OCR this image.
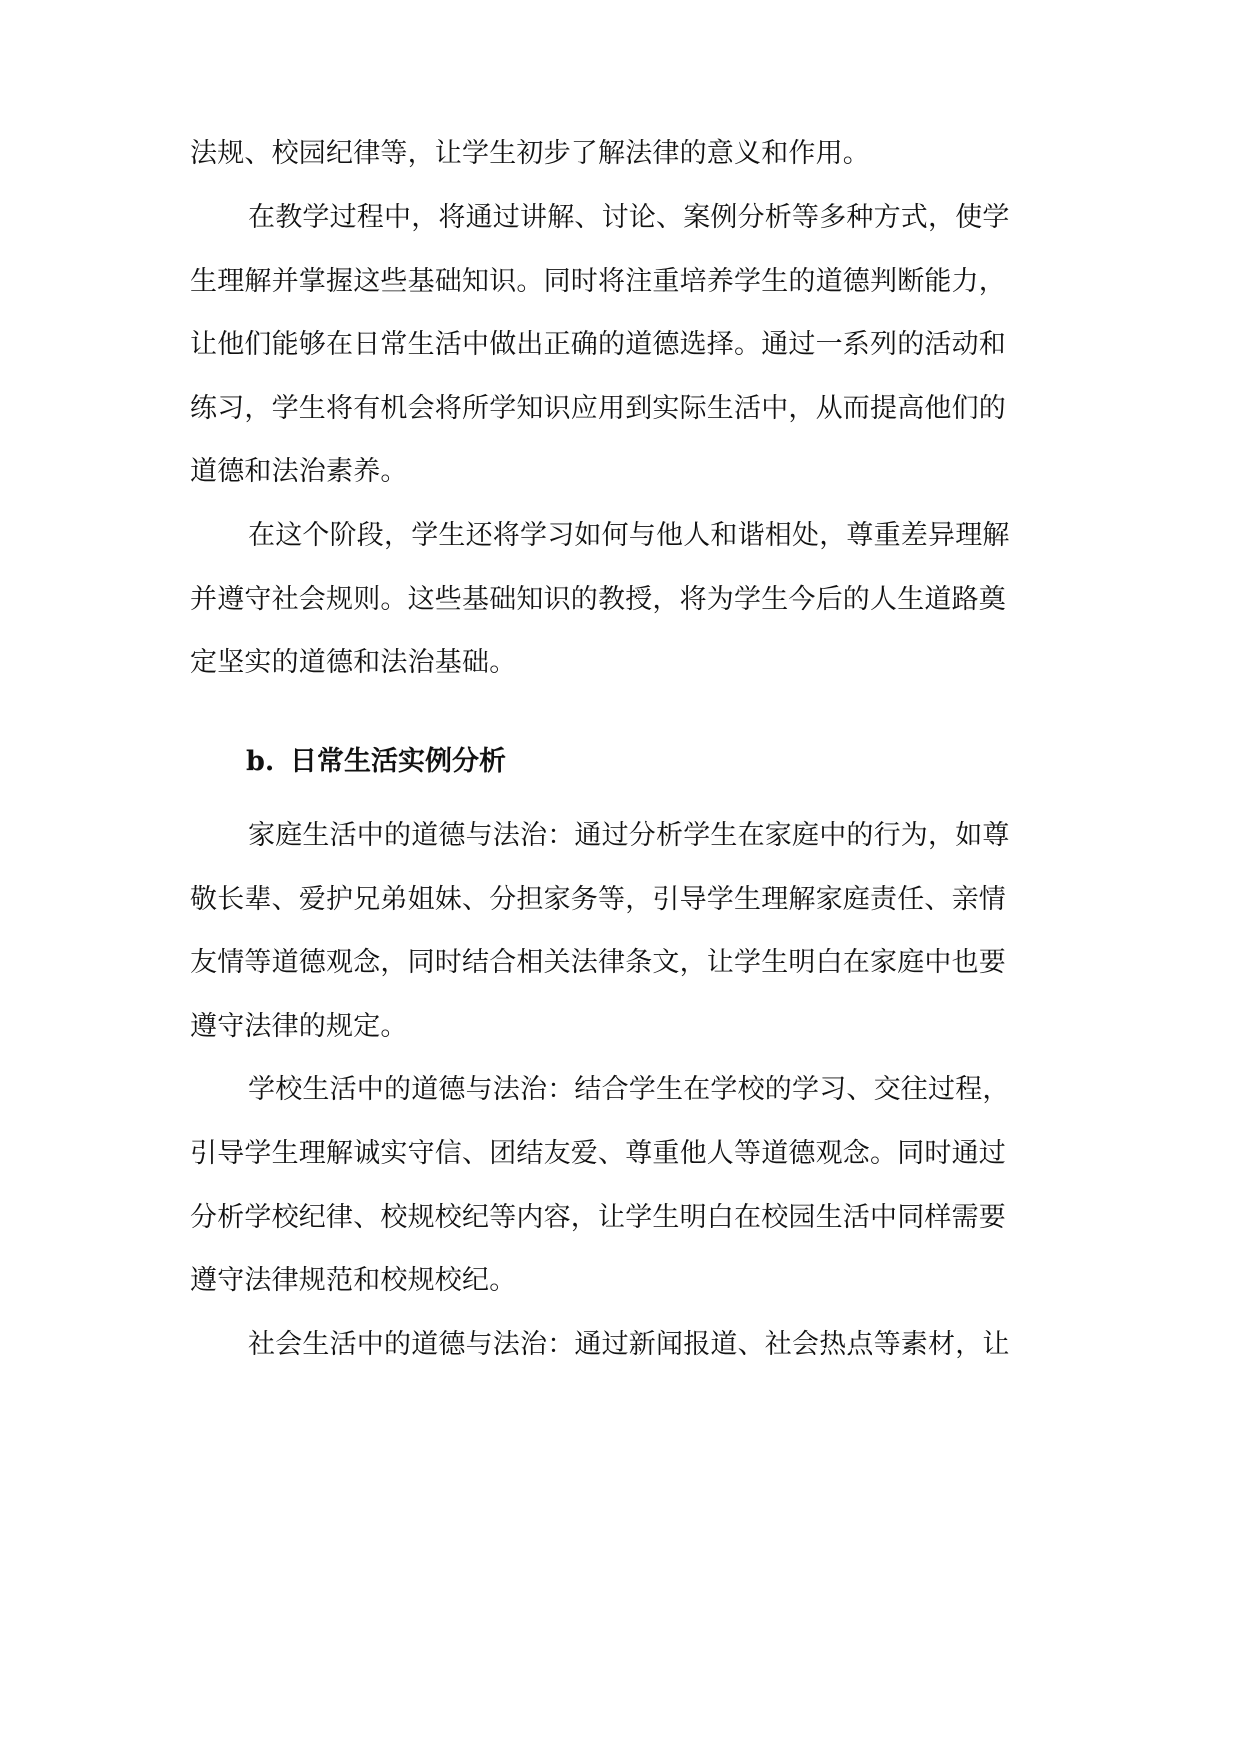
法规、校园纪律等，让学生初步了解法律的意义和作用。

在教学过程中，将通过讲解、讨论、案例分析等多种方式，使学

生理解并掌握这些基础知识。同时将注重培养学生的道德判断能力，

让他们能够在日常生活中做出正确的道德选择。通过一系列的活动和

练习，学生将有机会将所学知识应用到实际生活中，从而提高他们的

道德和法治素养。

在这个阶段，学生还将学习如何与他人和谐相处，尊重差异理解

并遵守社会规则。这些基础知识的教授，将为学生今后的人生道路奠

定坚实的道德和法治基础。

b. 日常生活实例分析

家庭生活中的道德与法治：通过分析学生在家庭中的行为，如尊

敬长辈、爱护兄弟姐妹、分担家务等，引导学生理解家庭责任、亲情

友情等道德观念，同时结合相关法律条文，让学生明白在家庭中也要

遵守法律的规定。

学校生活中的道德与法治：结合学生在学校的学习、交往过程，

引导学生理解诚实守信、团结友爱、尊重他人等道德观念。同时通过

分析学校纪律、校规校纪等内容，让学生明白在校园生活中同样需要

遵守法律规范和校规校纪。

社会生活中的道德与法治：通过新闻报道、社会热点等素材，让
